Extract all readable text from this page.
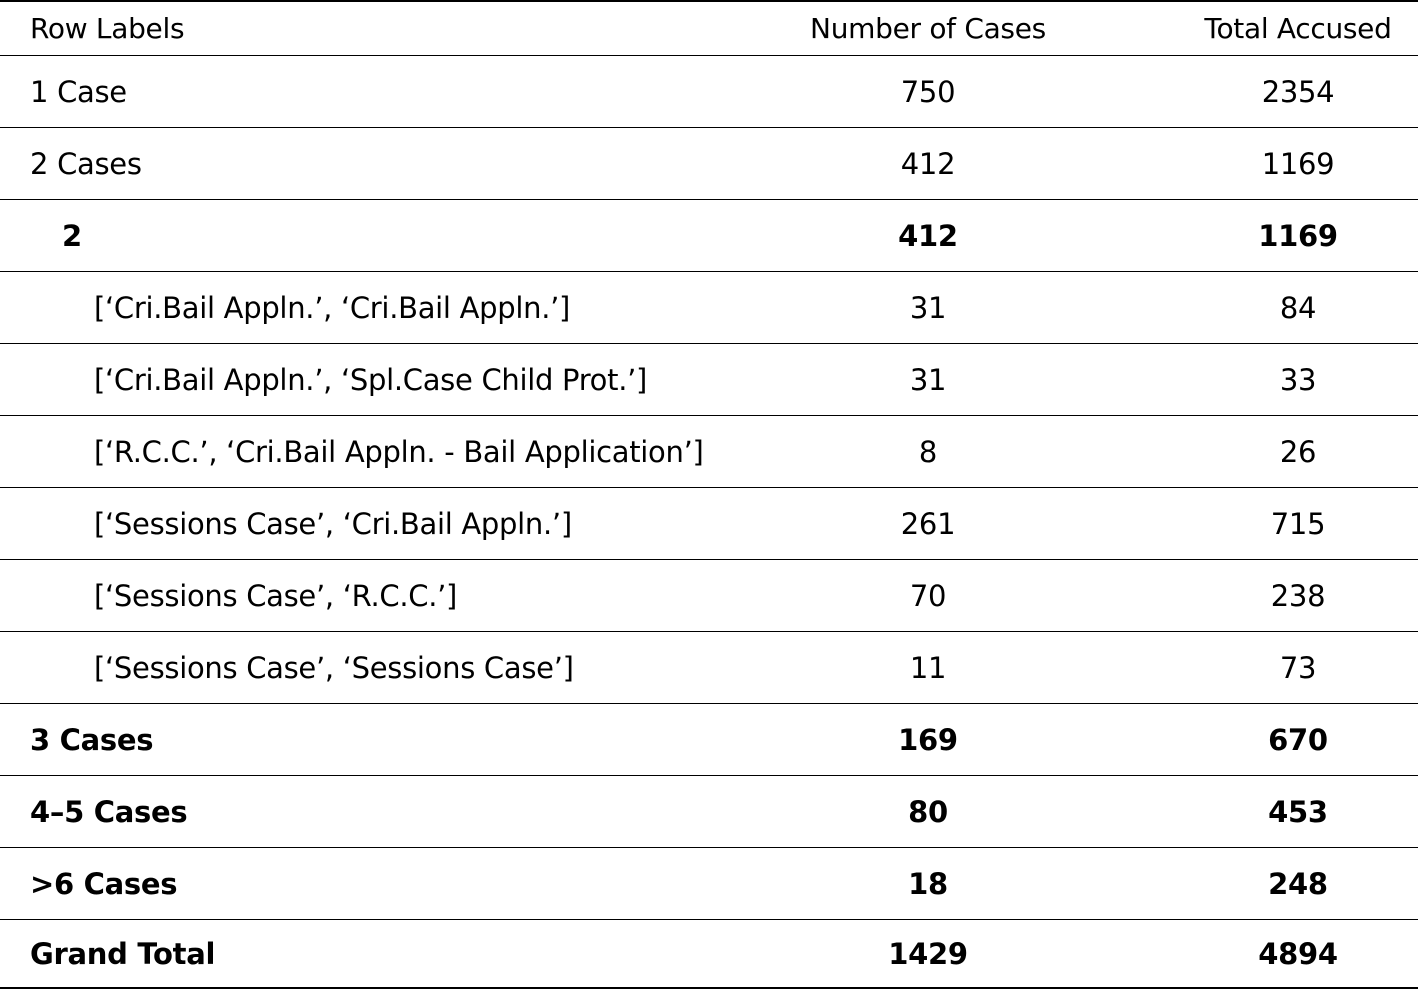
Row Labels	Number of Cases	Total Accused
1 Case	750	2354
2 Cases	412	1169
2	412	1169
[‘Cri.Bail Appln.’, ‘Cri.Bail Appln.’]	31	84
[‘Cri.Bail Appln.’, ‘Spl.Case Child Prot.’]	31	33
[‘R.C.C.’, ‘Cri.Bail Appln. - Bail Application’]	8	26
[‘Sessions Case’, ‘Cri.Bail Appln.’]	261	715
[‘Sessions Case’, ‘R.C.C.’]	70	238
[‘Sessions Case’, ‘Sessions Case’]	11	73
3 Cases	169	670
4–5 Cases	80	453
>6 Cases	18	248
Grand Total	1429	4894
